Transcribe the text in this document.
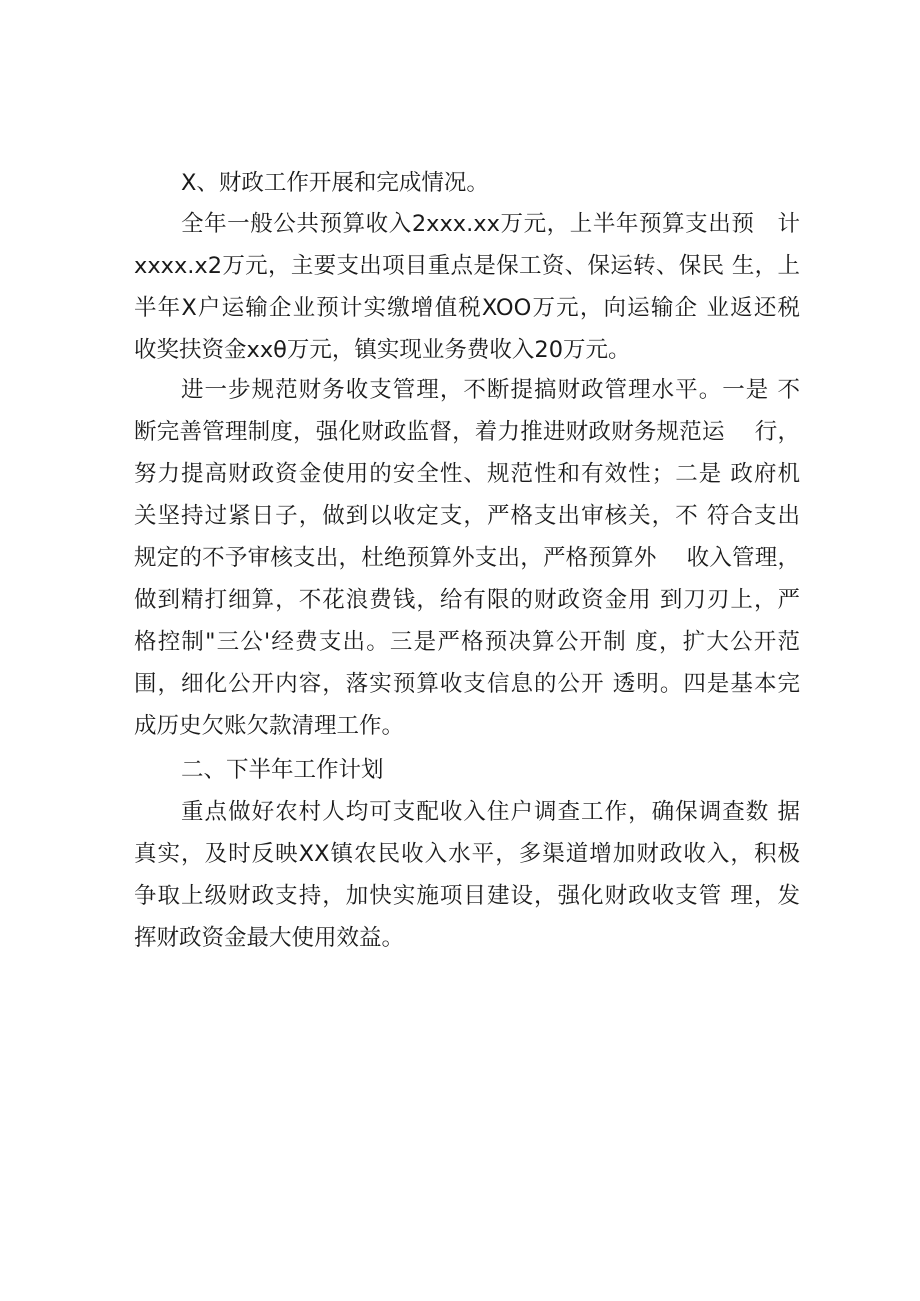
X、财政工作开展和完成情况。
全年一般公共预算收入2xxx.xx万元，上半年预算支出预　计
xxxx.x2万元，主要支出项目重点是保工资、保运转、保民 生，上
半年X户运输企业预计实缴增值税XOO万元，向运输企 业返还税
收奖扶资金xxθ万元，镇实现业务费收入20万元。
进一步规范财务收支管理，不断提搞财政管理水平。一是 不
断完善管理制度，强化财政监督，着力推进财政财务规范运　 行，
努力提高财政资金使用的安全性、规范性和有效性；二是 政府机
关坚持过紧日子，做到以收定支，严格支出审核关，不 符合支出
规定的不予审核支出，杜绝预算外支出，严格预算外　 收入管理，
做到精打细算，不花浪费钱，给有限的财政资金用 到刀刃上，严
格控制"三公'经费支出。三是严格预决算公开制 度，扩大公开范
围，细化公开内容，落实预算收支信息的公开 透明。四是基本完
成历史欠账欠款清理工作。
二、下半年工作计划
重点做好农村人均可支配收入住户调查工作，确保调查数 据
真实，及时反映XX镇农民收入水平，多渠道增加财政收入，积极
争取上级财政支持，加快实施项目建设，强化财政收支管 理，发
挥财政资金最大使用效益。
